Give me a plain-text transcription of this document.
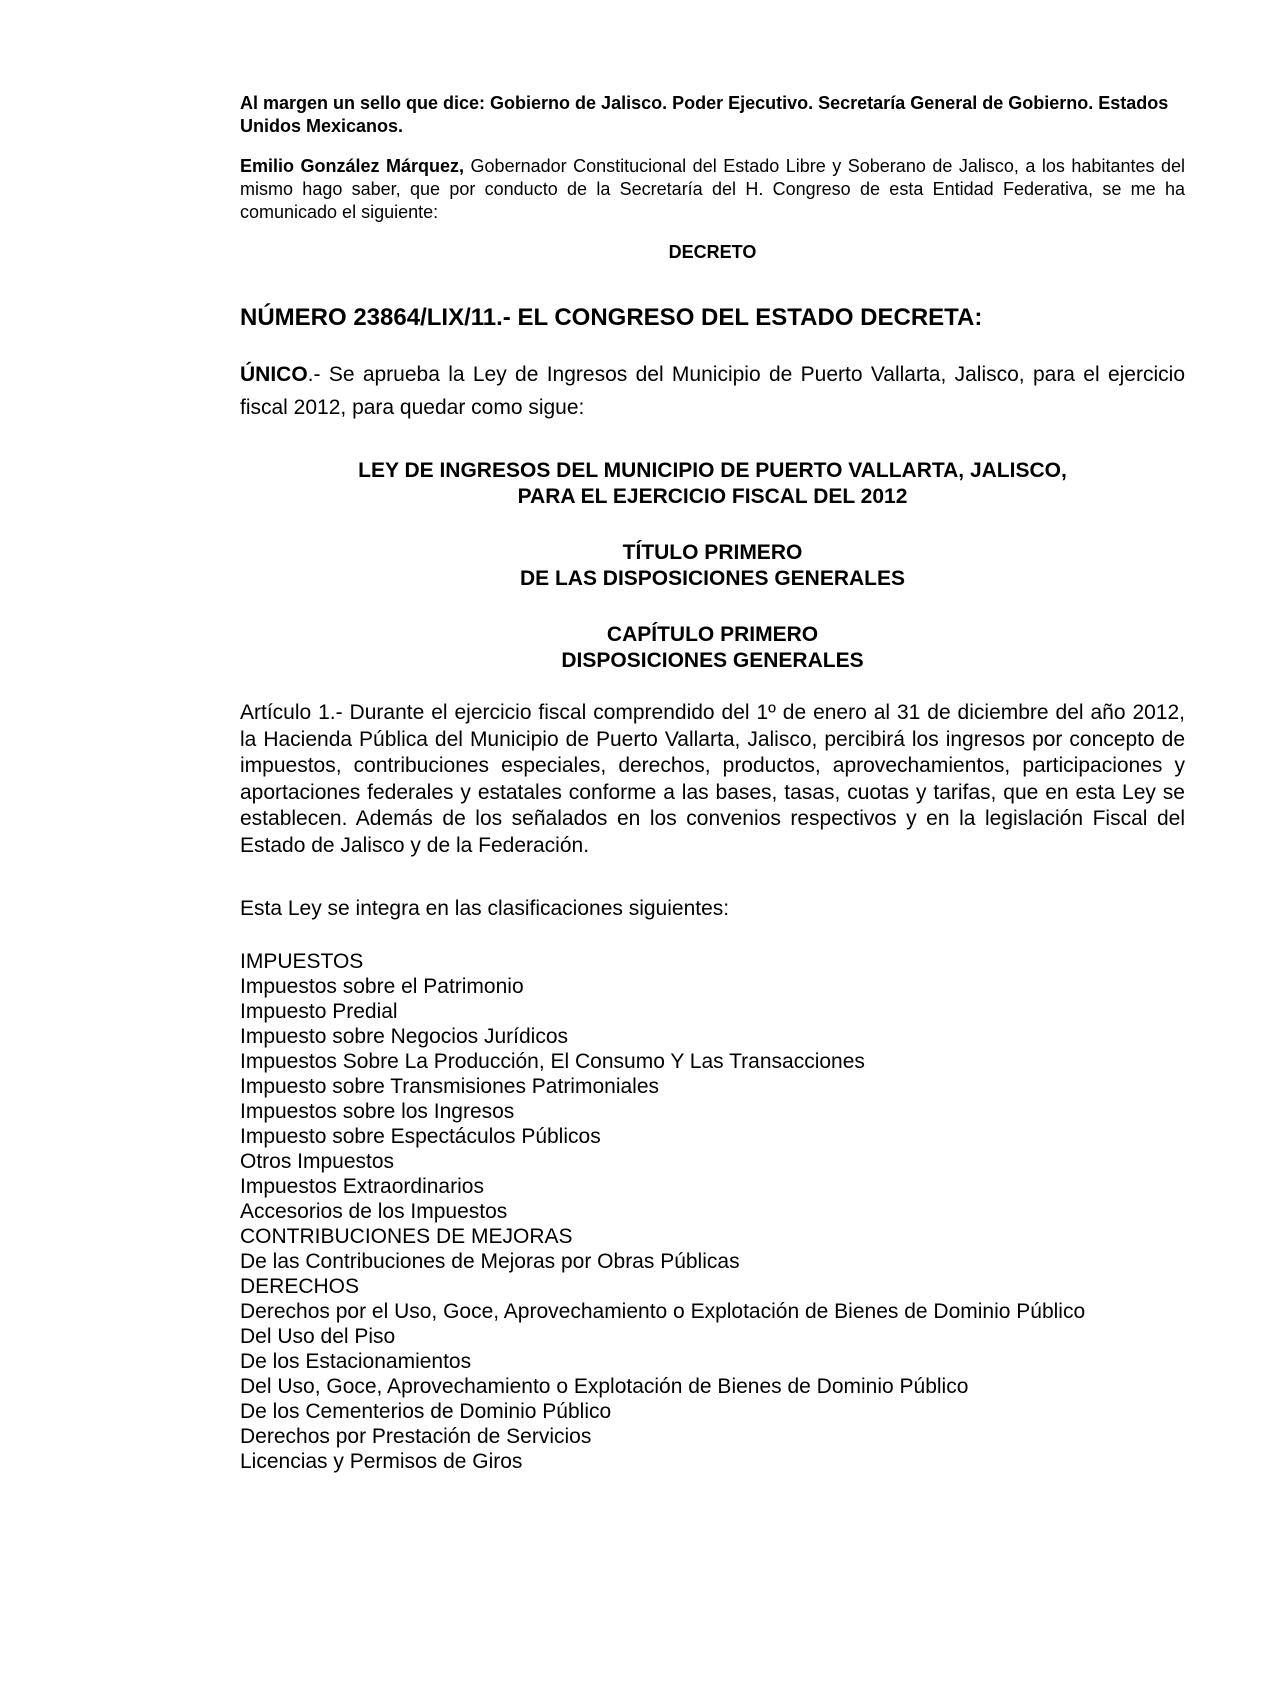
Al margen un sello que dice: Gobierno de Jalisco. Poder Ejecutivo. Secretaría General de Gobierno. Estados Unidos Mexicanos.

Emilio González Márquez, Gobernador Constitucional del Estado Libre y Soberano de Jalisco, a los habitantes del mismo hago saber, que por conducto de la Secretaría del H. Congreso de esta Entidad Federativa, se me ha comunicado el siguiente:

DECRETO

NÚMERO 23864/LIX/11.- EL CONGRESO DEL ESTADO DECRETA:

ÚNICO.- Se aprueba la Ley de Ingresos del Municipio de Puerto Vallarta, Jalisco, para el ejercicio fiscal 2012, para quedar como sigue:

LEY DE INGRESOS DEL MUNICIPIO DE PUERTO VALLARTA, JALISCO,
PARA EL EJERCICIO FISCAL DEL 2012
TÍTULO PRIMERO
DE LAS DISPOSICIONES GENERALES
CAPÍTULO PRIMERO
DISPOSICIONES GENERALES

Artículo 1.- Durante el ejercicio fiscal comprendido del 1º de enero al 31 de diciembre del año 2012, la Hacienda Pública del Municipio de Puerto Vallarta, Jalisco, percibirá los ingresos por concepto de impuestos, contribuciones especiales, derechos, productos, aprovechamientos, participaciones y aportaciones federales y estatales conforme a las bases, tasas, cuotas y tarifas, que en esta Ley se establecen. Además de los señalados en los convenios respectivos y en la legislación Fiscal del Estado de Jalisco y de la Federación.

Esta Ley se integra en las clasificaciones siguientes:

IMPUESTOS
Impuestos sobre el Patrimonio
Impuesto Predial
Impuesto sobre Negocios Jurídicos
Impuestos Sobre La Producción, El Consumo Y Las Transacciones
Impuesto sobre Transmisiones Patrimoniales
Impuestos sobre los Ingresos
Impuesto sobre Espectáculos Públicos
Otros Impuestos
Impuestos Extraordinarios
Accesorios de los Impuestos
CONTRIBUCIONES DE MEJORAS
De las Contribuciones de Mejoras por Obras Públicas
DERECHOS
Derechos por el Uso, Goce, Aprovechamiento o Explotación de Bienes de Dominio Público
Del Uso del Piso
De los Estacionamientos
Del Uso, Goce, Aprovechamiento o Explotación de Bienes de Dominio Público
De los Cementerios de Dominio Público
Derechos por Prestación de Servicios
Licencias y Permisos de Giros
